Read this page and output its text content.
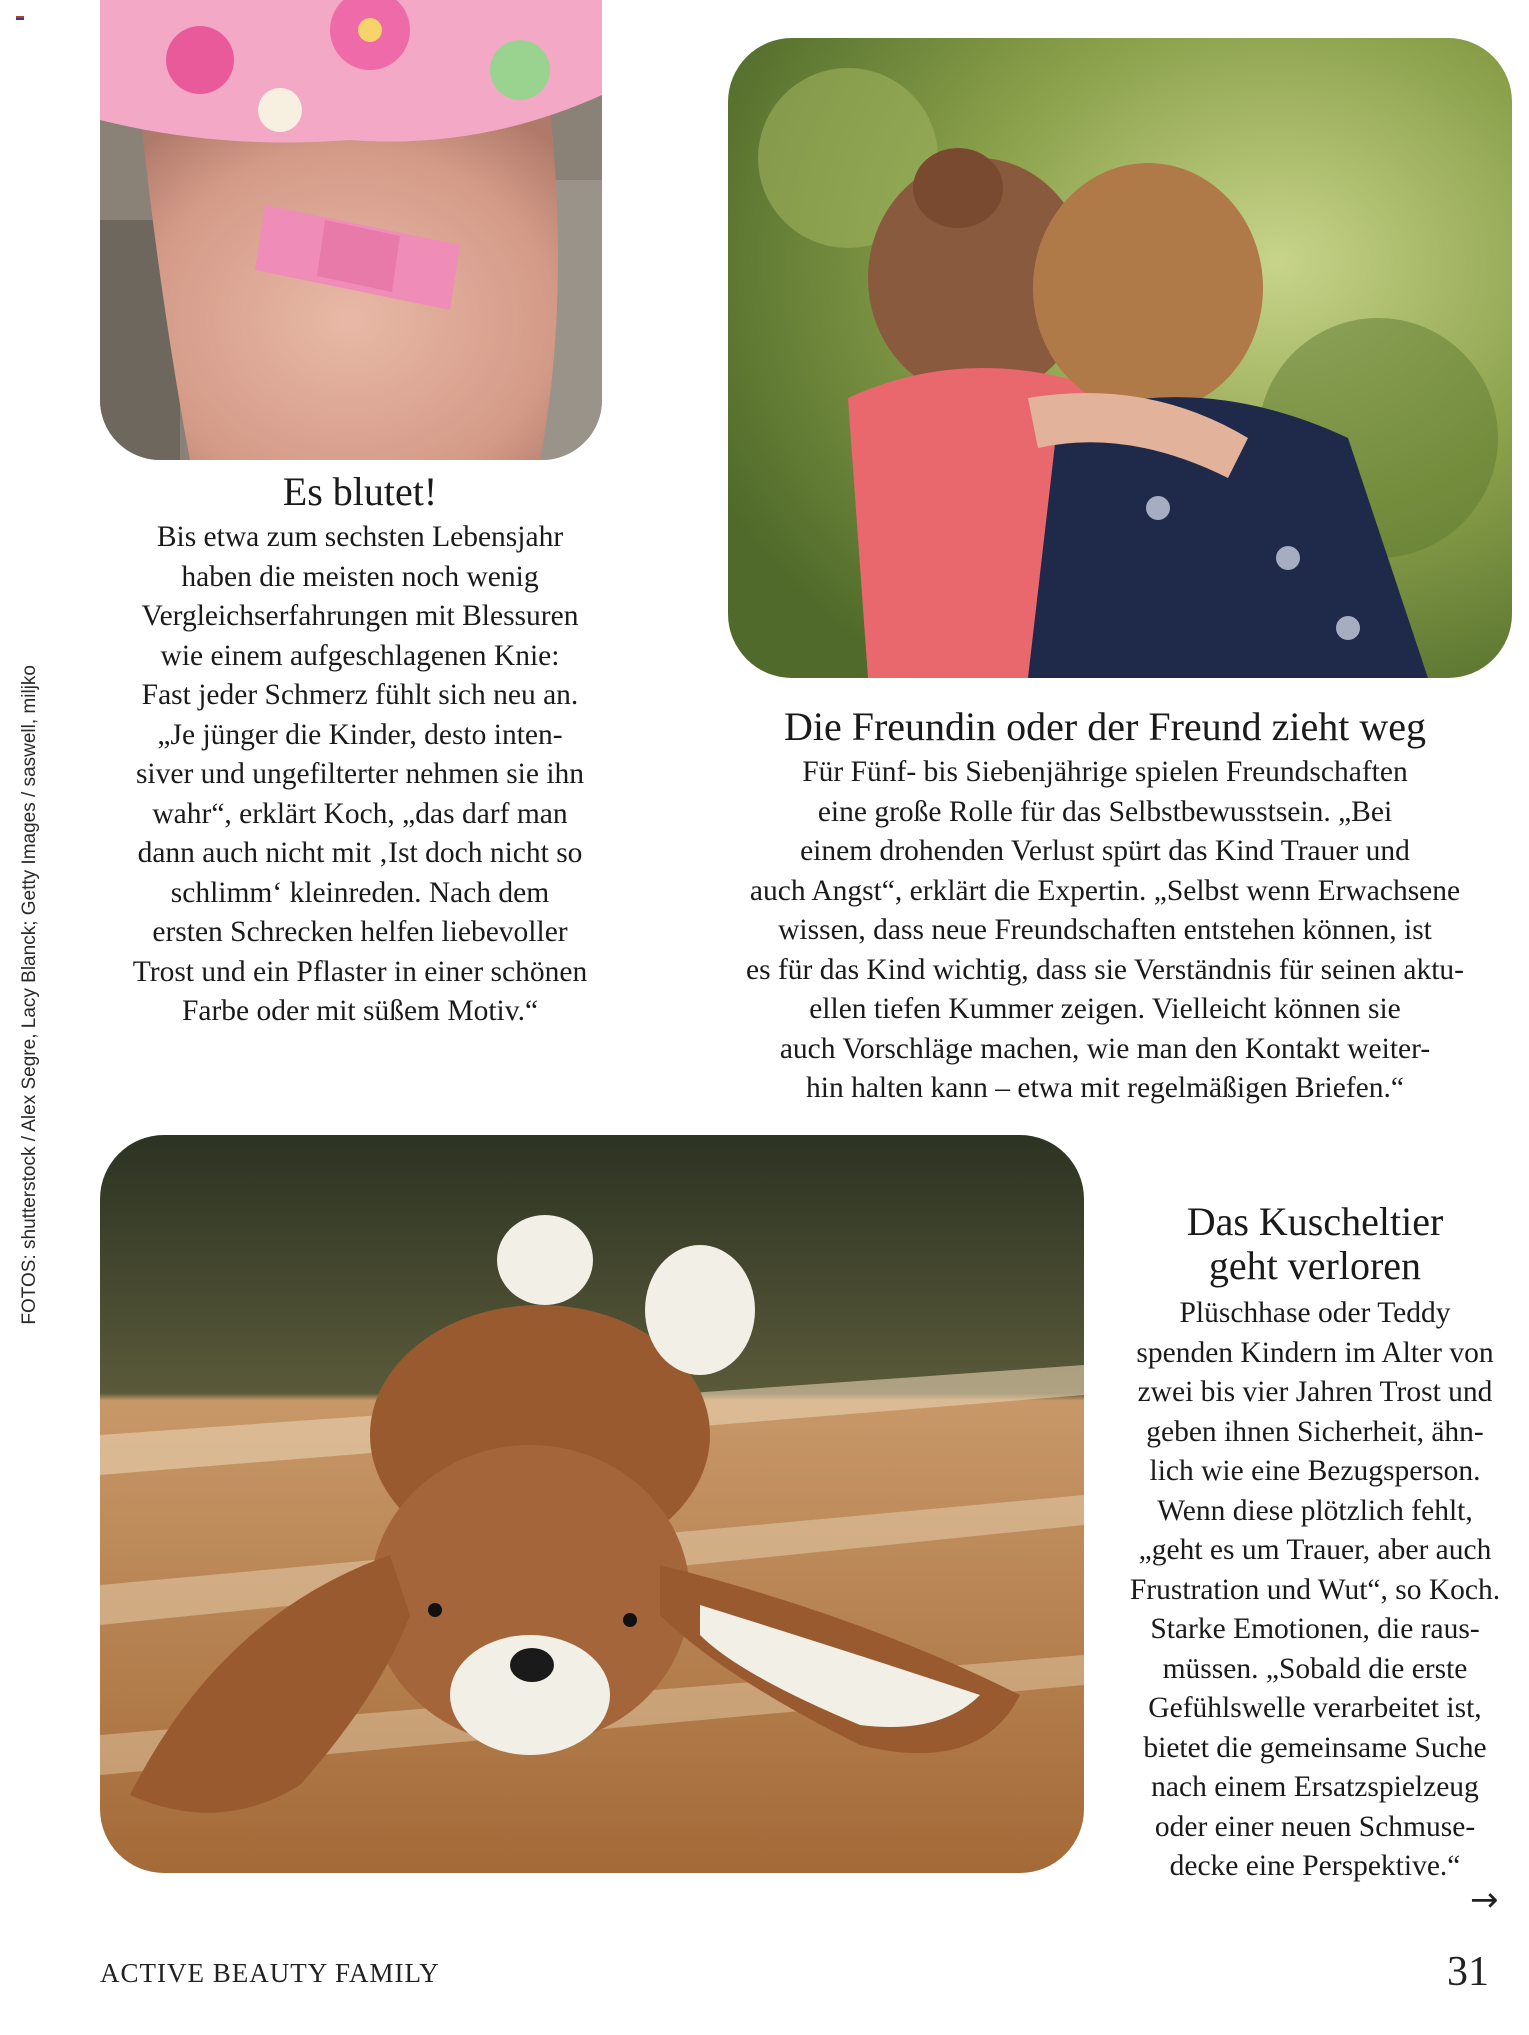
Es blutet!
Bis etwa zum sechsten Lebensjahr
haben die meisten noch wenig
Vergleichserfahrungen mit Blessuren
wie einem aufgeschlagenen Knie:
Fast jeder Schmerz fühlt sich neu an.
„Je jünger die Kinder, desto inten-
siver und ungefilterter nehmen sie ihn
wahr“, erklärt Koch, „das darf man
dann auch nicht mit ‚Ist doch nicht so
schlimm‘ kleinreden. Nach dem
ersten Schrecken helfen liebevoller
Trost und ein Pflaster in einer schönen
Farbe oder mit süßem Motiv.“
Die Freundin oder der Freund zieht weg
Für Fünf- bis Siebenjährige spielen Freundschaften
eine große Rolle für das Selbstbewusstsein. „Bei
einem drohenden Verlust spürt das Kind Trauer und
auch Angst“, erklärt die Expertin. „Selbst wenn Erwachsene
wissen, dass neue Freundschaften entstehen können, ist
es für das Kind wichtig, dass sie Verständnis für seinen aktu-
ellen tiefen Kummer zeigen. Vielleicht können sie
auch Vorschläge machen, wie man den Kontakt weiter-
hin halten kann – etwa mit regelmäßigen Briefen.“
Das Kuscheltier
geht verloren
Plüschhase oder Teddy
spenden Kindern im Alter von
zwei bis vier Jahren Trost und
geben ihnen Sicherheit, ähn-
lich wie eine Bezugsperson.
Wenn diese plötzlich fehlt,
„geht es um Trauer, aber auch
Frustration und Wut“, so Koch.
Starke Emotionen, die raus-
müssen. „Sobald die erste
Gefühlswelle verarbeitet ist,
bietet die gemeinsame Suche
nach einem Ersatzspielzeug
oder einer neuen Schmuse-
decke eine Perspektive.“
→
FOTOS: shutterstock / Alex Segre, Lacy Blanck; Getty Images / saswell, miljko
ACTIVE BEAUTY FAMILY	31
